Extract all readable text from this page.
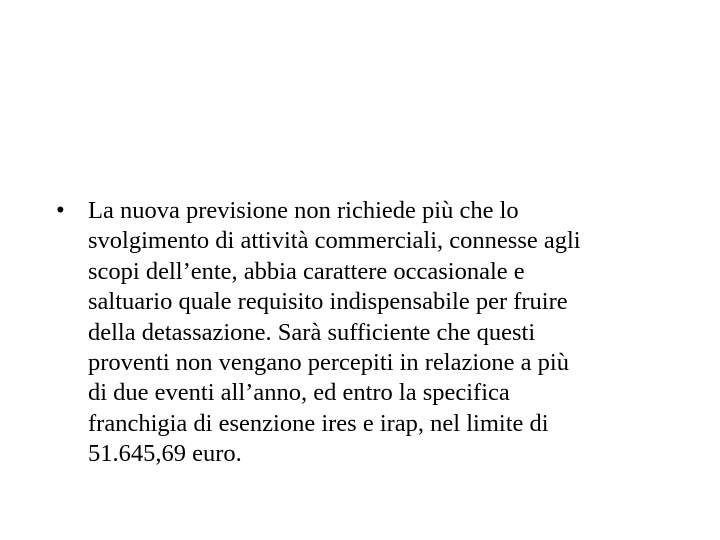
• La nuova previsione non richiede più che lo
svolgimento di attività commerciali, connesse agli
scopi dell’ente, abbia carattere occasionale e
saltuario quale requisito indispensabile per fruire
della detassazione. Sarà sufficiente che questi
proventi non vengano percepiti in relazione a più
di due eventi all’anno, ed entro la specifica
franchigia di esenzione ires e irap, nel limite di
51.645,69 euro.
